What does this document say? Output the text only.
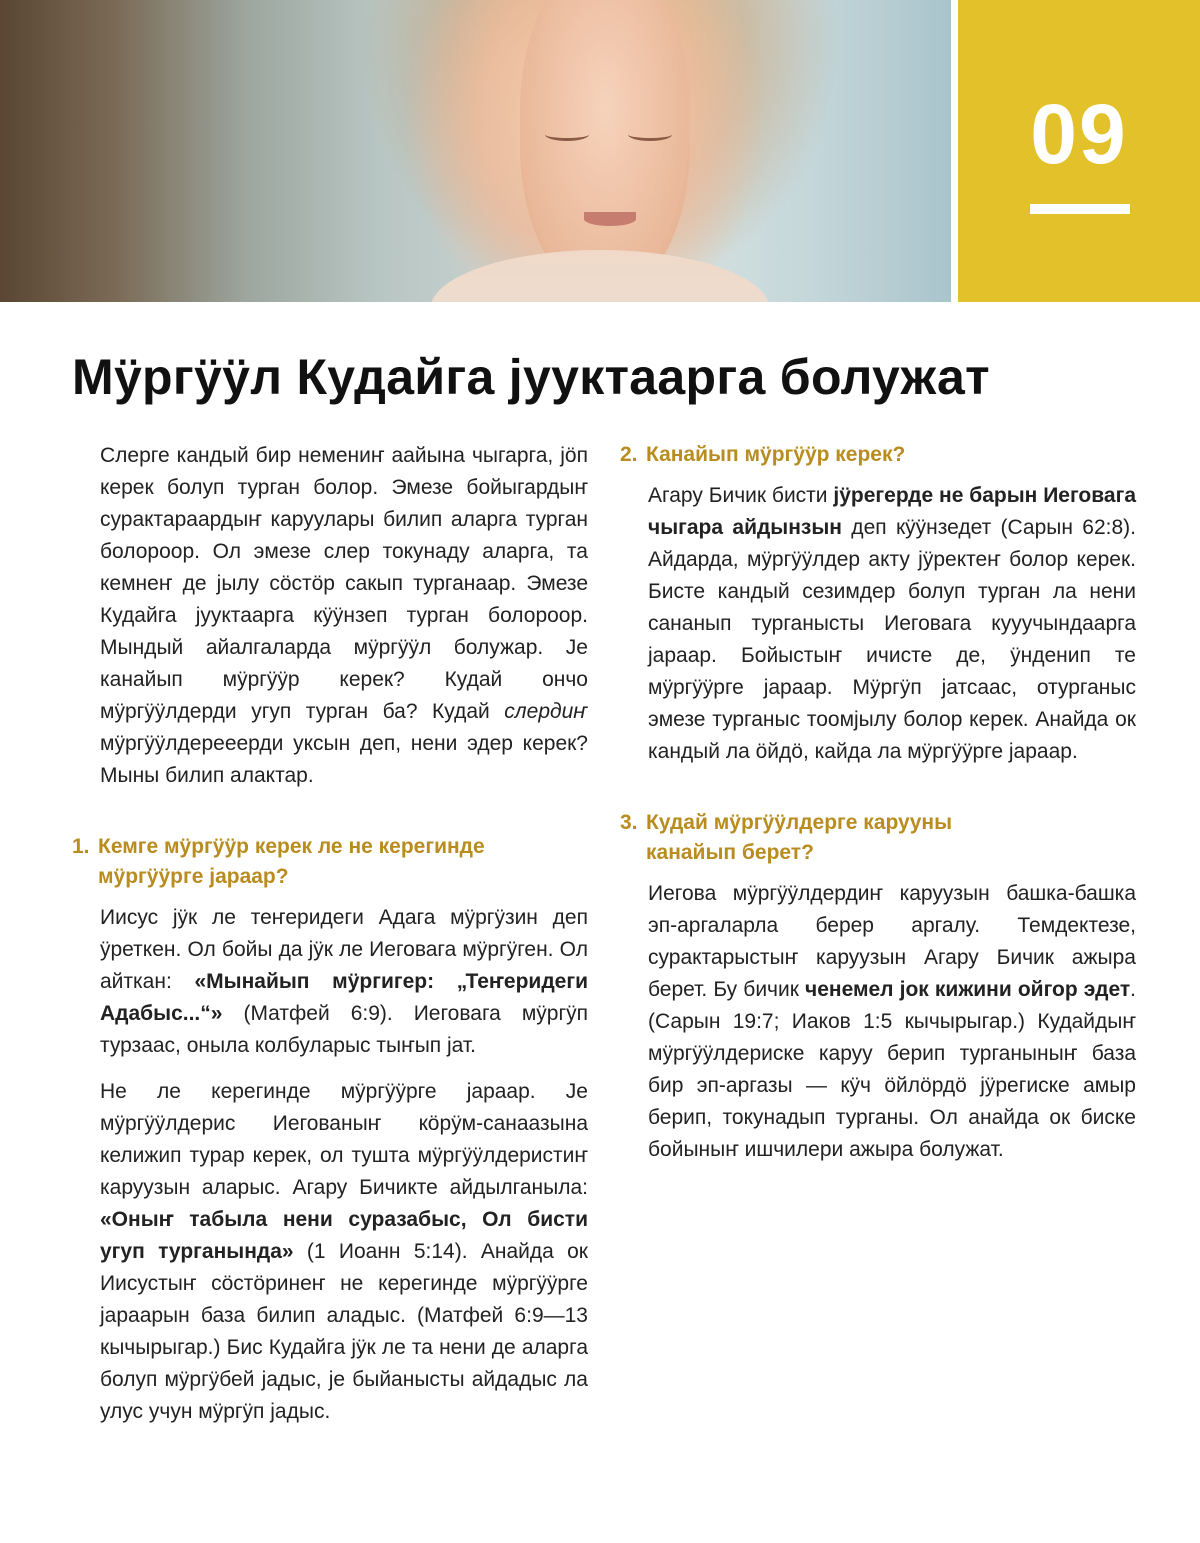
09
Мӱргӱӱл Кудайга јууктаарга болужат

Слерге кандый бир немениҥ аайына чыгарга, јӧп керек болуп турган болор. Эмезе бойыгардыҥ сурактараардыҥ каруулары билип аларга турган болороор. Ол эмезе слер токунаду аларга, та кемнеҥ де јылу сӧстӧр сакып турганаар. Эмезе Кудайга јууктаарга кӱӱнзеп турган болороор. Мындый айалгаларда мӱргӱӱл болужар. Је канайып мӱргӱӱр керек? Кудай ончо мӱргӱӱлдерди угуп турган ба? Кудай слердиҥ мӱргӱӱлдерееерди уксын деп, нени эдер керек? Мыны билип алактар.

1. Кемге мӱргӱӱр керек ле не керегинде
мӱргӱӱрге јараар?

Иисус јӱк ле теҥеридеги Адага мӱргӱзин деп ӱреткен. Ол бойы да јӱк ле Иеговага мӱргӱген. Ол айткан: «Мынайып мӱргигер: „Теҥеридеги Адабыс...“» (Матфей 6:9). Иеговага мӱргӱп турзаас, оныла колбуларыс тыҥып јат.

Не ле керегинде мӱргӱӱрге јараар. Је мӱргӱӱлдерис Иегованыҥ кӧрӱм-санаазына келижип турар керек, ол тушта мӱргӱӱлдеристиҥ каруузын аларыс. Агару Бичикте айдылганыла: «Оныҥ табыла нени суразабыс, Ол бисти угуп турганында» (1 Иоанн 5:14). Анайда ок Иисустыҥ сӧстӧринеҥ не керегинде мӱргӱӱрге јараарын база билип аладыс. (Матфей 6:9—13 кычырыгар.) Бис Кудайга јӱк ле та нени де аларга болуп мӱргӱбей јадыс, је быйаныcты айдадыс ла улус учун мӱргӱп јадыс.

2. Канайып мӱргӱӱр керек?

Агару Бичик бисти јӱрегерде не барын Иеговага чыгара айдынзын деп кӱӱнзедет (Сарын 62:8). Айдарда, мӱргӱӱлдер акту јӱректеҥ болор керек. Бисте кандый сезимдер болуп турган ла нени сананып турганысты Иеговага кууучындаарга јараар. Бойыстыҥ ичисте де, ӱнденип те мӱргӱӱрге јараар. Мӱргӱп јатсаас, отурганыс эмезе турганыс тоомјылу болор керек. Анайда ок кандый ла ӧйдӧ, кайда ла мӱргӱӱрге јараар.

3. Кудай мӱргӱӱлдерге карууны
канайып берет?

Иегова мӱргӱӱлдердиҥ каруузын башка-башка эп-аргаларла берер аргалу. Темдектезе, сурактарыстыҥ каруузын Агару Бичик ажыра берет. Бу бичик ченемел јок кижини ойгор эдет. (Сарын 19:7; Иаков 1:5 кычырыгар.) Кудайдыҥ мӱргӱӱлдериске каруу берип турганыныҥ база бир эп-аргазы — кӱч ӧйлӧрдӧ јӱрегиске амыр берип, токунадып турганы. Ол анайда ок биске бойыныҥ ишчилери ажыра болужат.
